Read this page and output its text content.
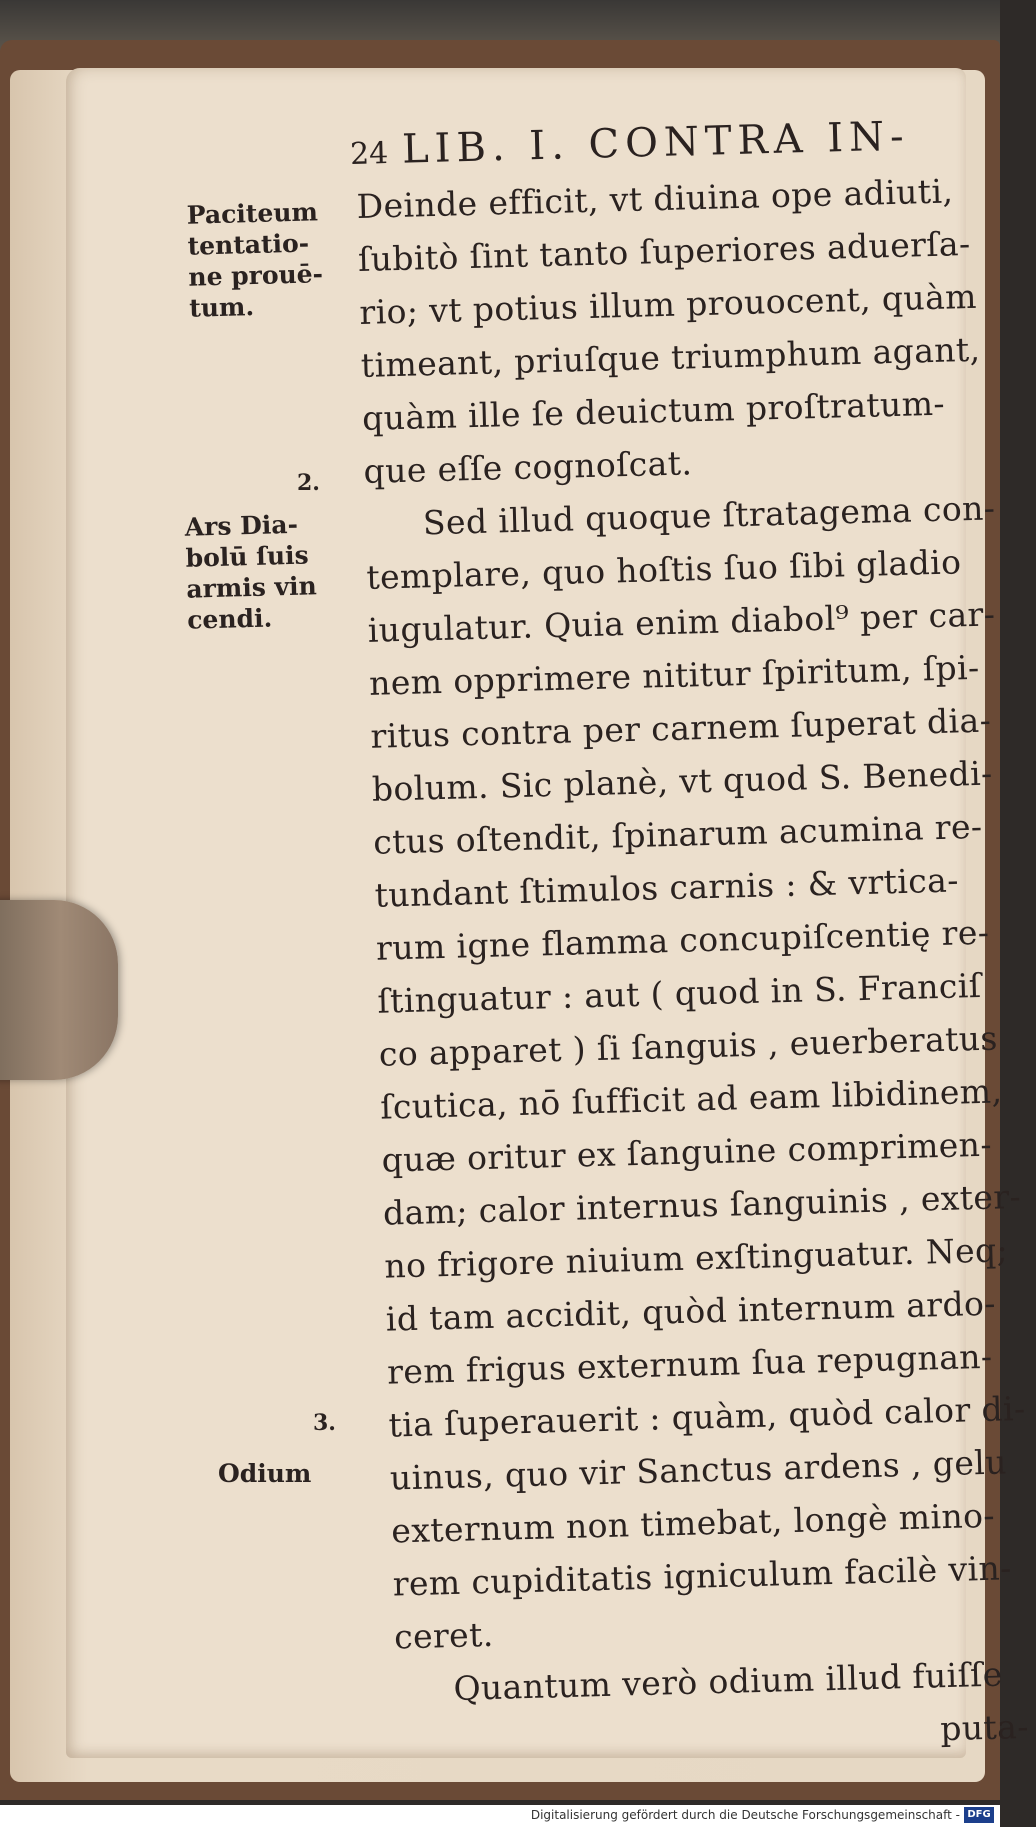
24 LIB. I. CONTRA IN-
Paciteum
tentatio-
ne prouē-
tum.
2.
Ars Dia-
bolū ſuis
armis vin
cendi.
3.
Odium
Deinde efficit, vt diuina ope adiuti,
ſubitò ſint tanto ſuperiores aduerſa-
rio; vt potius illum prouocent, quàm
timeant, priuſque triumphum agant,
quàm ille ſe deuictum proſtratum-
que eſſe cognoſcat.
Sed illud quoque ſtratagema con-
templare, quo hoſtis ſuo ſibi gladio
iugulatur. Quia enim diabol⁹ per car-
nem opprimere nititur ſpiritum, ſpi-
ritus contra per carnem ſuperat dia-
bolum. Sic planè, vt quod S. Benedi-
ctus oſtendit, ſpinarum acumina re-
tundant ſtimulos carnis : & vrtica-
rum igne flamma concupiſcentię re-
ſtinguatur : aut ( quod in S. Franciſ
co apparet ) ſi ſanguis , euerberatus
ſcutica, nō ſufficit ad eam libidinem,
quæ oritur ex ſanguine comprimen-
dam; calor internus ſanguinis , exter-
no frigore niuium exſtinguatur. Neq;
id tam accidit, quòd internum ardo-
rem frigus externum ſua repugnan-
tia ſuperauerit : quàm, quòd calor di-
uinus, quo vir Sanctus ardens , gelu
externum non timebat, longè mino-
rem cupiditatis igniculum facilè vin-
ceret.
Quantum verò odium illud fuiſſe
puta-
Digitalisierung gefördert durch die Deutsche Forschungsgemeinschaft - DFG
